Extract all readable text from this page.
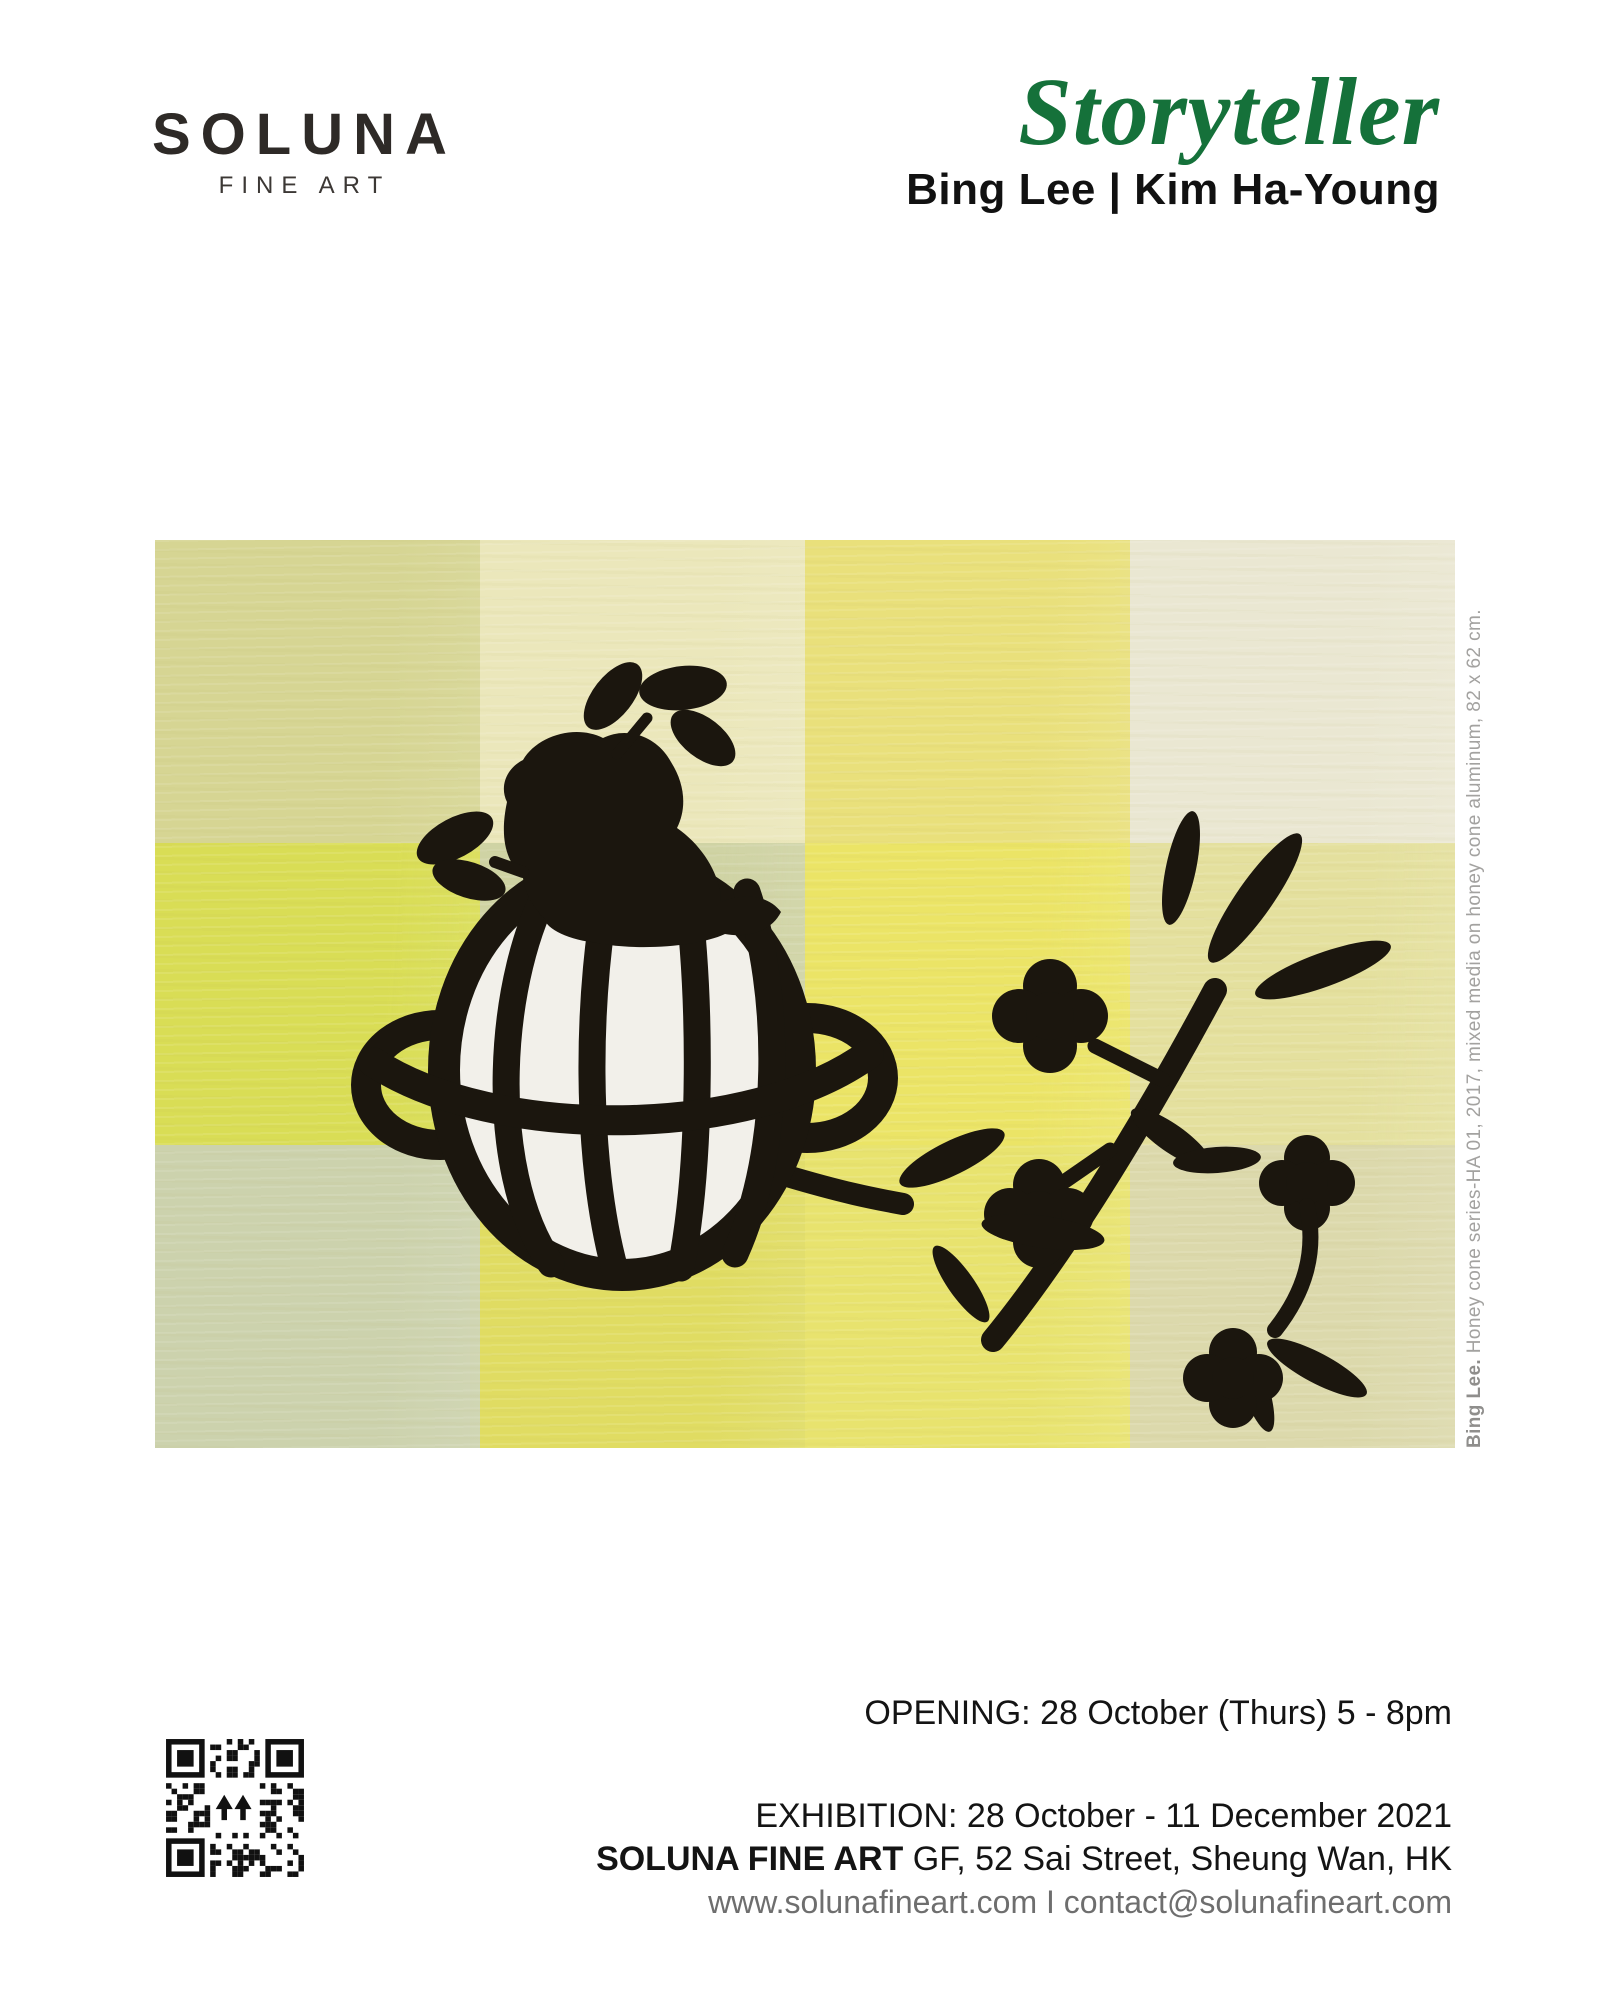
SOLUNA
FINE ART
Storyteller
Bing Lee | Kim Ha-Young
Bing Lee. Honey cone series-HA 01, 2017, mixed media on honey cone aluminum, 82 x 62 cm.
OPENING: 28 October (Thurs) 5 - 8pm
EXHIBITION: 28 October - 11 December 2021
SOLUNA FINE ART GF, 52 Sai Street, Sheung Wan, HK
www.solunafineart.com I contact@solunafineart.com
